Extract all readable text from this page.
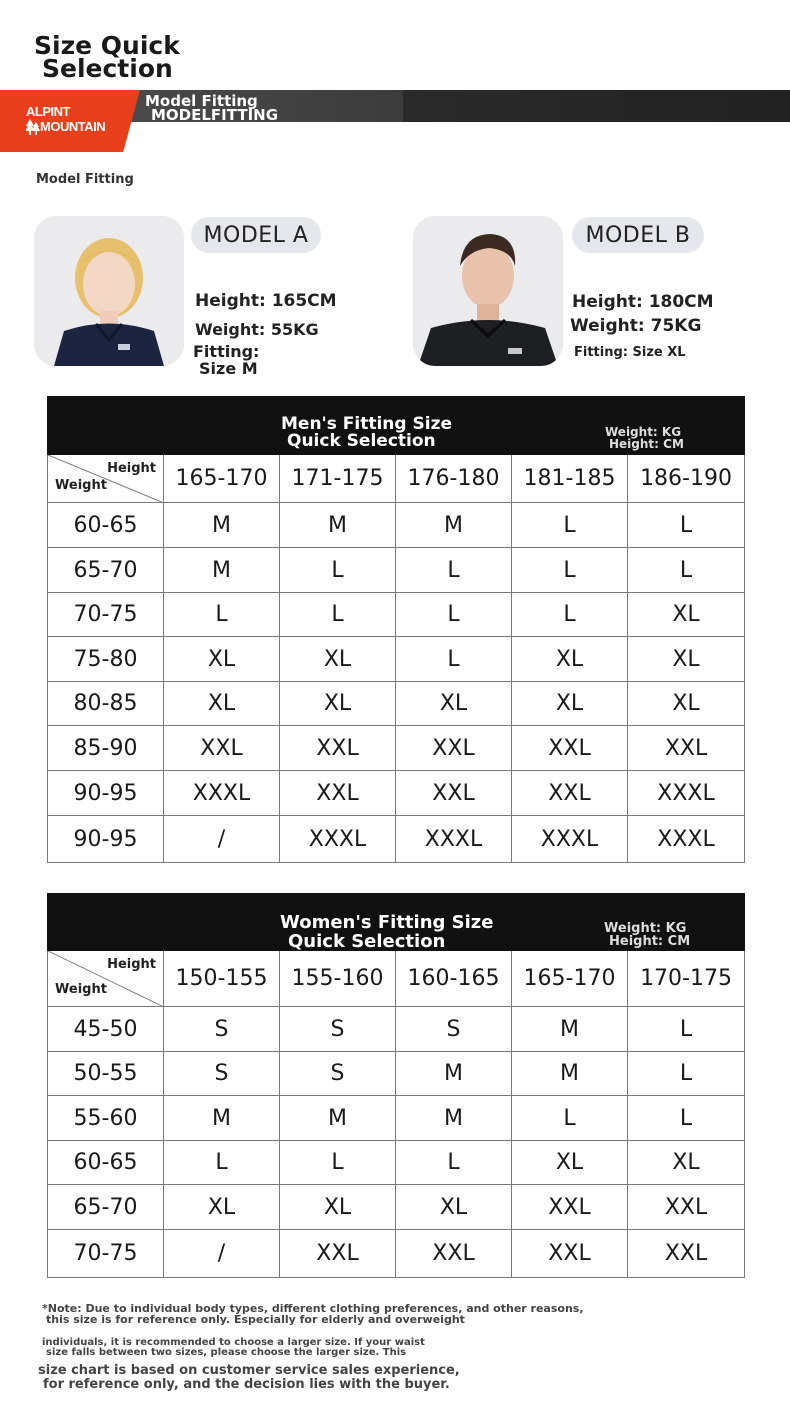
Size Quick
Selection
ALPINT
MOUNTAIN
Model Fitting
MODELFITTING
Model Fitting
MODEL A
Height: 165CM
Weight: 55KG
Fitting:
Size M
MODEL B
Height: 180CM
Weight: 75KG
Fitting: Size XL
Men's Fitting Size
Quick Selection Weight: KG
Height: CM					

Height
Weight	165-170	171-175	176-180	181-185	186-190
60-65	M	M	M	L	L
65-70	M	L	L	L	L
70-75	L	L	L	L	XL
75-80	XL	XL	L	XL	XL
80-85	XL	XL	XL	XL	XL
85-90	XXL	XXL	XXL	XXL	XXL
90-95	XXXL	XXL	XXL	XXL	XXXL
90-95	/	XXXL	XXXL	XXXL	XXXL
Women's Fitting Size
Quick Selection
Weight: KG
Height: CM					

Height
Weight	150-155	155-160	160-165	165-170	170-175
45-50	S	S	S	M	L
50-55	S	S	M	M	L
55-60	M	M	M	L	L
60-65	L	L	L	XL	XL
65-70	XL	XL	XL	XXL	XXL
70-75	/	XXL	XXL	XXL	XXL
*Note: Due to individual body types, different clothing preferences, and other reasons,
this size is for reference only. Especially for elderly and overweight
individuals, it is recommended to choose a larger size. If your waist
size falls between two sizes, please choose the larger size. This
size chart is based on customer service sales experience,
for reference only, and the decision lies with the buyer.
